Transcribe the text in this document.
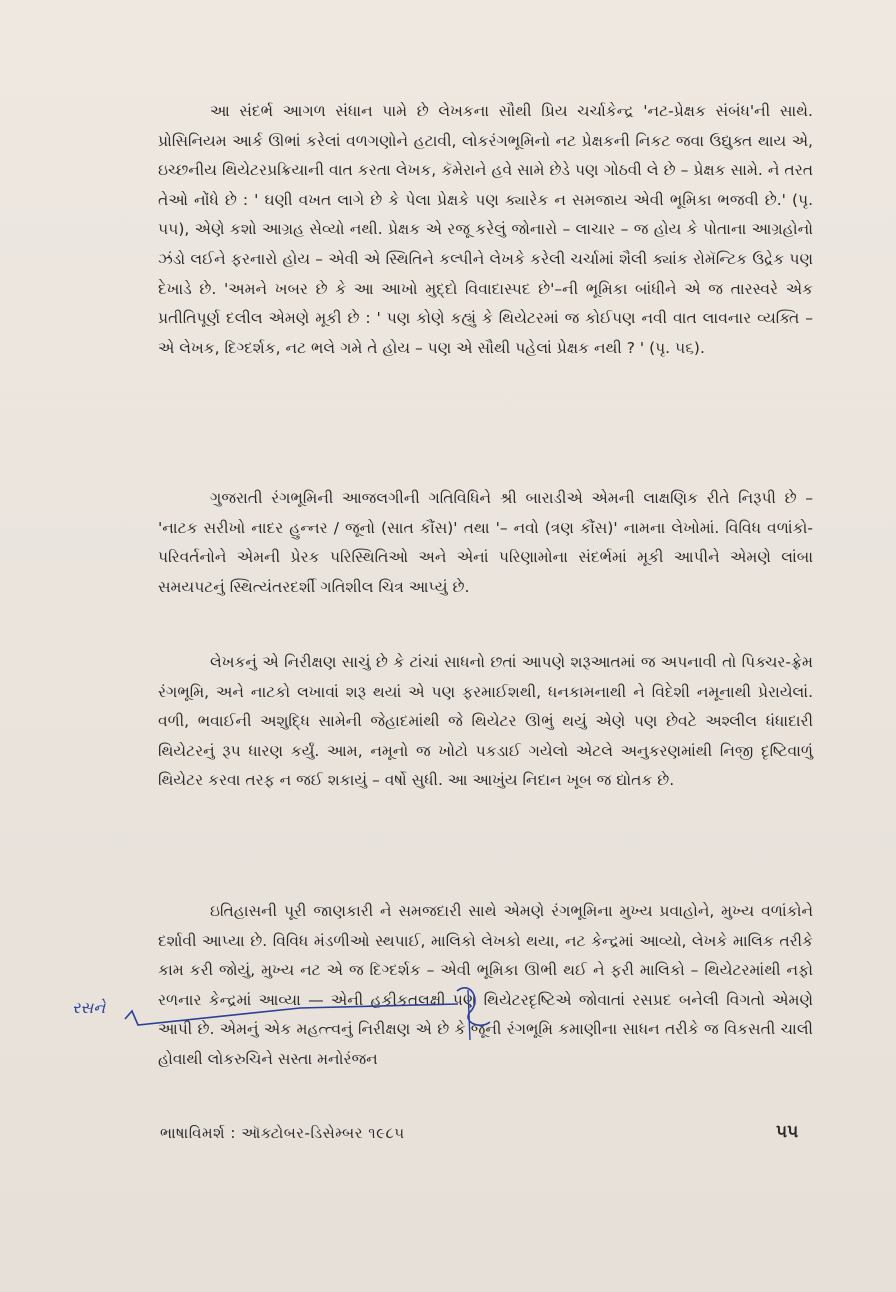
આ સંદર્ભ આગળ સંધાન પામે છે લેખકના સૌથી પ્રિય ચર્ચાકેન્દ્ર 'નટ-પ્રેક્ષક સંબંધ'ની સાથે. પ્રોસિનિયમ આર્ક ઊભાં કરેલાં વળગણોને હટાવી, લોકરંગભૂમિનો નટ પ્રેક્ષકની નિકટ જવા ઉદ્યુક્ત થાય એ, ઇચ્છનીય થિયેટરપ્રક્રિયાની વાત કરતા લેખક, કૅમેરાને હવે સામે છેડે પણ ગોઠવી લે છે – પ્રેક્ષક સામે. ને તરત તેઓ નોંધે છે : ' ઘણી વખત લાગે છે કે પેલા પ્રેક્ષકે પણ ક્યારેક ન સમજાય એવી ભૂમિકા ભજવી છે.' (પૃ. ૫૫), એણે કશો આગ્રહ સેવ્યો નથી. પ્રેક્ષક એ રજૂ કરેલું જોનારો – લાચાર – જ હોય કે પોતાના આગ્રહોનો ઝંડો લઈને ફરનારો હોય – એવી એ સ્થિતિને કલ્પીને લેખકે કરેલી ચર્ચામાં શૈલી ક્યાંક રોમૅન્ટિક ઉદ્રેક પણ દેખાડે છે. 'અમને ખબર છે કે આ આખો મુદ્દો વિવાદાસ્પદ છે'–ની ભૂમિકા બાંધીને એ જ તારસ્વરે એક પ્રતીતિપૂર્ણ દલીલ એમણે મૂકી છે : ' પણ કોણે કહ્યું કે થિયેટરમાં જ કોઈપણ નવી વાત લાવનાર વ્યક્તિ – એ લેખક, દિગ્દર્શક, નટ ભલે ગમે તે હોય – પણ એ સૌથી પહેલાં પ્રેક્ષક નથી ? ' (પૃ. ૫૬).

ગુજરાતી રંગભૂમિની આજલગીની ગતિવિધિને શ્રી બારાડીએ એમની લાક્ષણિક રીતે નિરૂપી છે – 'નાટક સરીખો નાદર હુન્નર / જૂનો (સાત કૌંસ)' તથા '– નવો (ત્રણ કૌંસ)' નામના લેખોમાં. વિવિધ વળાંકો-પરિવર્તનોને એમની પ્રેરક પરિસ્થિતિઓ અને એનાં પરિણામોના સંદર્ભમાં મૂકી આપીને એમણે લાંબા સમયપટનું સ્થિત્યંતરદર્શી ગતિશીલ ચિત્ર આપ્યું છે.

લેખકનું એ નિરીક્ષણ સાચું છે કે ટાંચાં સાધનો છતાં આપણે શરૂઆતમાં જ અપનાવી તો પિક્ચર-ફ્રેમ રંગભૂમિ, અને નાટકો લખાવાં શરૂ થયાં એ પણ ફરમાઈશથી, ધનકામનાથી ને વિદેશી નમૂનાથી પ્રેરાયેલાં. વળી, ભવાઈની અશુદ્ધિ સામેની જેહાદમાંથી જે થિયેટર ઊભું થયું એણે પણ છેવટે અશ્લીલ ધંધાદારી થિયેટરનું રૂપ ધારણ કર્યું. આમ, નમૂનો જ ખોટો પકડાઈ ગયેલો એટલે અનુકરણમાંથી નિજી દૃષ્ટિવાળું થિયેટર કરવા તરફ ન જઈ શકાયું – વર્ષો સુધી. આ આખુંય નિદાન ખૂબ જ દ્યોતક છે.

ઇતિહાસની પૂરી જાણકારી ને સમજદારી સાથે એમણે રંગભૂમિના મુખ્ય પ્રવાહોને, મુખ્ય વળાંકોને દર્શાવી આપ્યા છે. વિવિધ મંડળીઓ સ્થપાઈ, માલિકો લેખકો થયા, નટ કેન્દ્રમાં આવ્યો, લેખકે માલિક તરીકે કામ કરી જોયું, મુખ્ય નટ એ જ દિગ્દર્શક – એવી ભૂમિકા ઊભી થઈ ને ફરી માલિકો – થિયેટરમાંથી નફો રળનાર કેન્દ્રમાં આવ્યા — એની હકીકતલક્ષી પણ થિયેટરદૃષ્ટિએ જોવાતાં રસપ્રદ બનેલી વિગતો એમણે આપી છે. એમનું એક મહત્ત્વનું નિરીક્ષણ એ છે કે જૂની રંગભૂમિ કમાણીના સાધન તરીકે જ વિકસતી ચાલી હોવાથી લોકરુચિને સસ્તા મનોરંજન

રસને
ભાષાવિમર્શ : ઑક્ટોબર-ડિસેમ્બર ૧૯૮૫	૫૫
